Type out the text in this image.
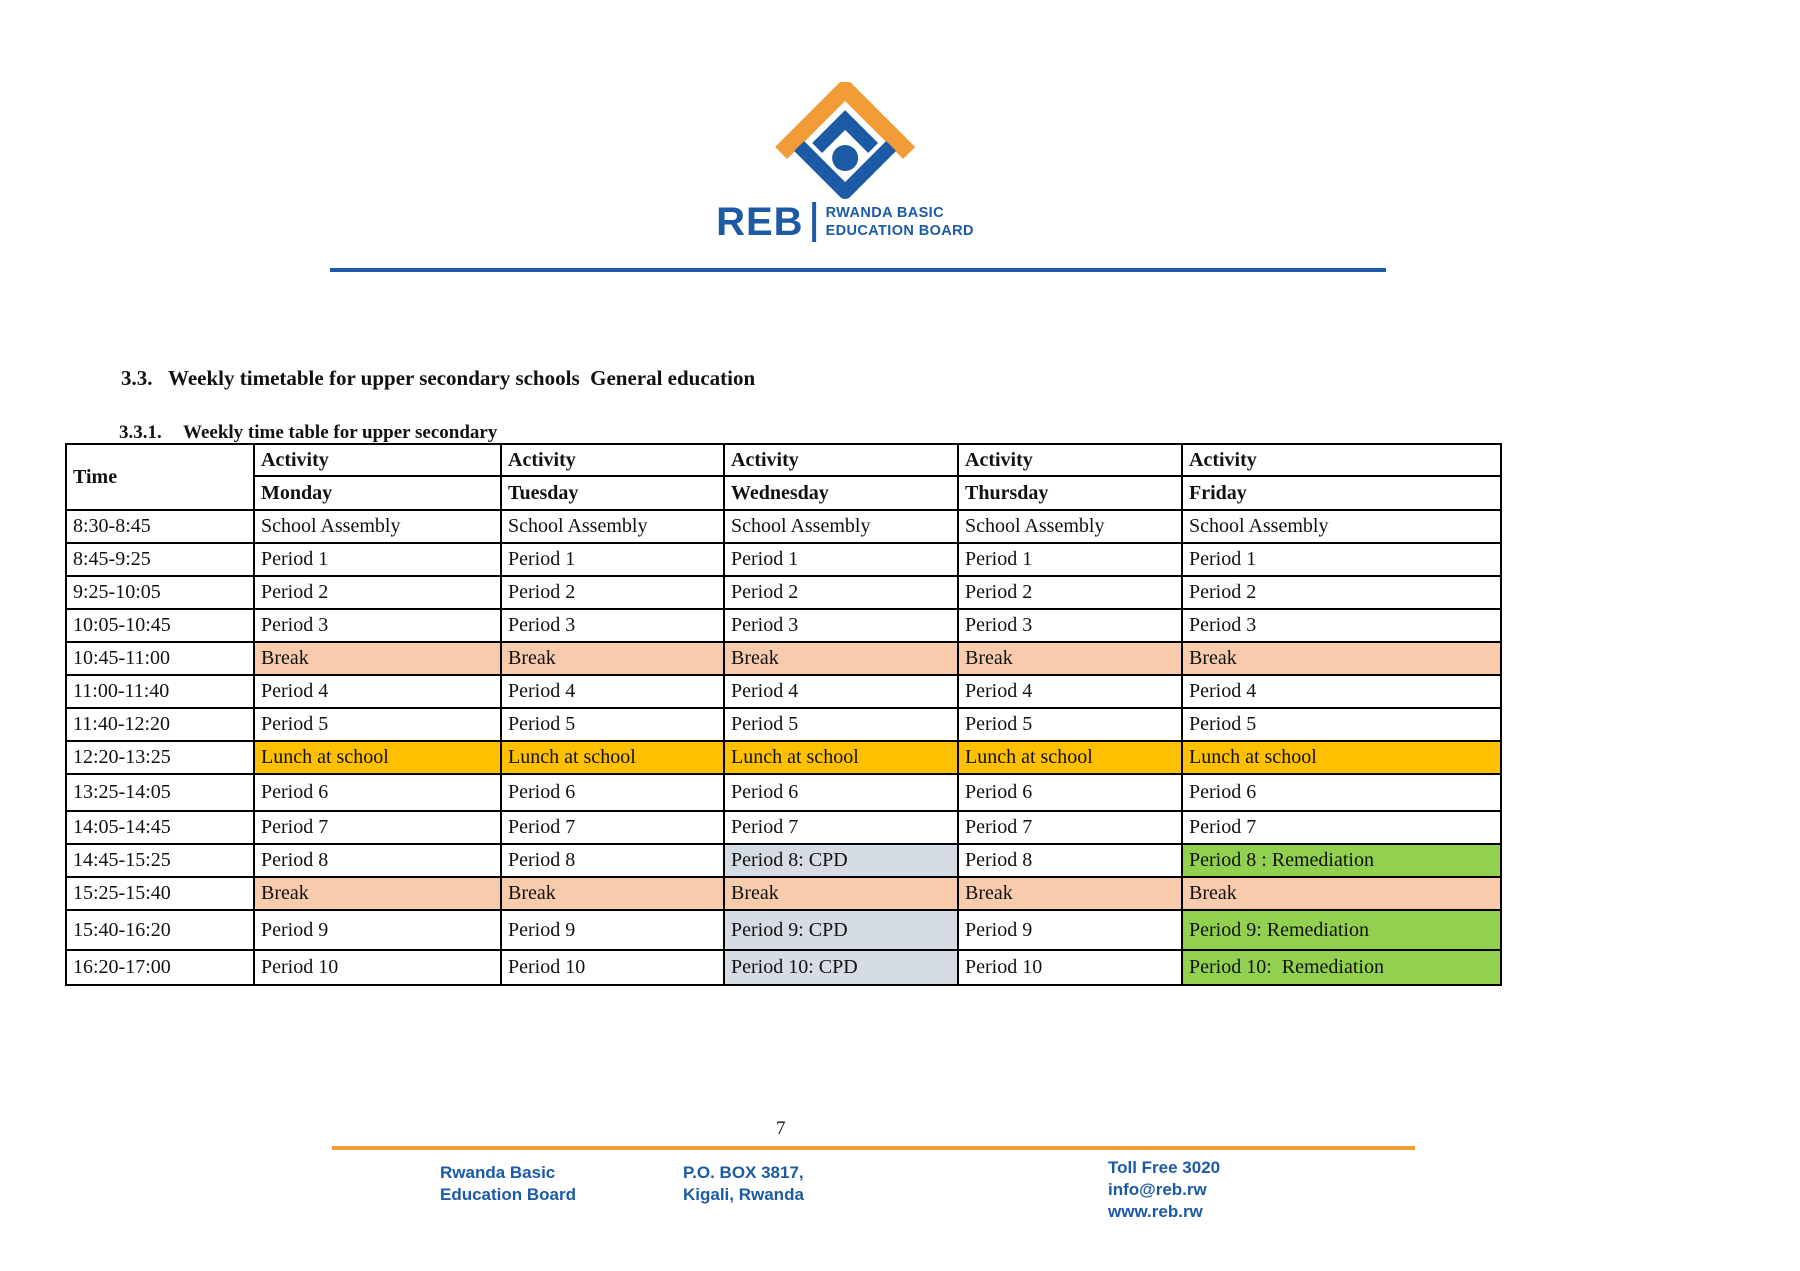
REB RWANDA BASIC
EDUCATION BOARD

3.3. Weekly timetable for upper secondary schools  General education

3.3.1. Weekly time table for upper secondary

Time	Activity	Activity	Activity	Activity	Activity
	Monday	Tuesday	Wednesday	Thursday	Friday
8:30-8:45	School Assembly	School Assembly	School Assembly	School Assembly	School Assembly
8:45-9:25	Period 1	Period 1	Period 1	Period 1	Period 1
9:25-10:05	Period 2	Period 2	Period 2	Period 2	Period 2
10:05-10:45	Period 3	Period 3	Period 3	Period 3	Period 3
10:45-11:00	Break	Break	Break	Break	Break
11:00-11:40	Period 4	Period 4	Period 4	Period 4	Period 4
11:40-12:20	Period 5	Period 5	Period 5	Period 5	Period 5
12:20-13:25	Lunch at school	Lunch at school	Lunch at school	Lunch at school	Lunch at school
13:25-14:05	Period 6	Period 6	Period 6	Period 6	Period 6
14:05-14:45	Period 7	Period 7	Period 7	Period 7	Period 7
14:45-15:25	Period 8	Period 8	Period 8: CPD	Period 8	Period 8 : Remediation
15:25-15:40	Break	Break	Break	Break	Break
15:40-16:20	Period 9	Period 9	Period 9: CPD	Period 9	Period 9: Remediation
16:20-17:00	Period 10	Period 10	Period 10: CPD	Period 10	Period 10:  Remediation
7
Rwanda Basic
Education Board
P.O. BOX 3817,
Kigali, Rwanda
Toll Free 3020
info@reb.rw
www.reb.rw
